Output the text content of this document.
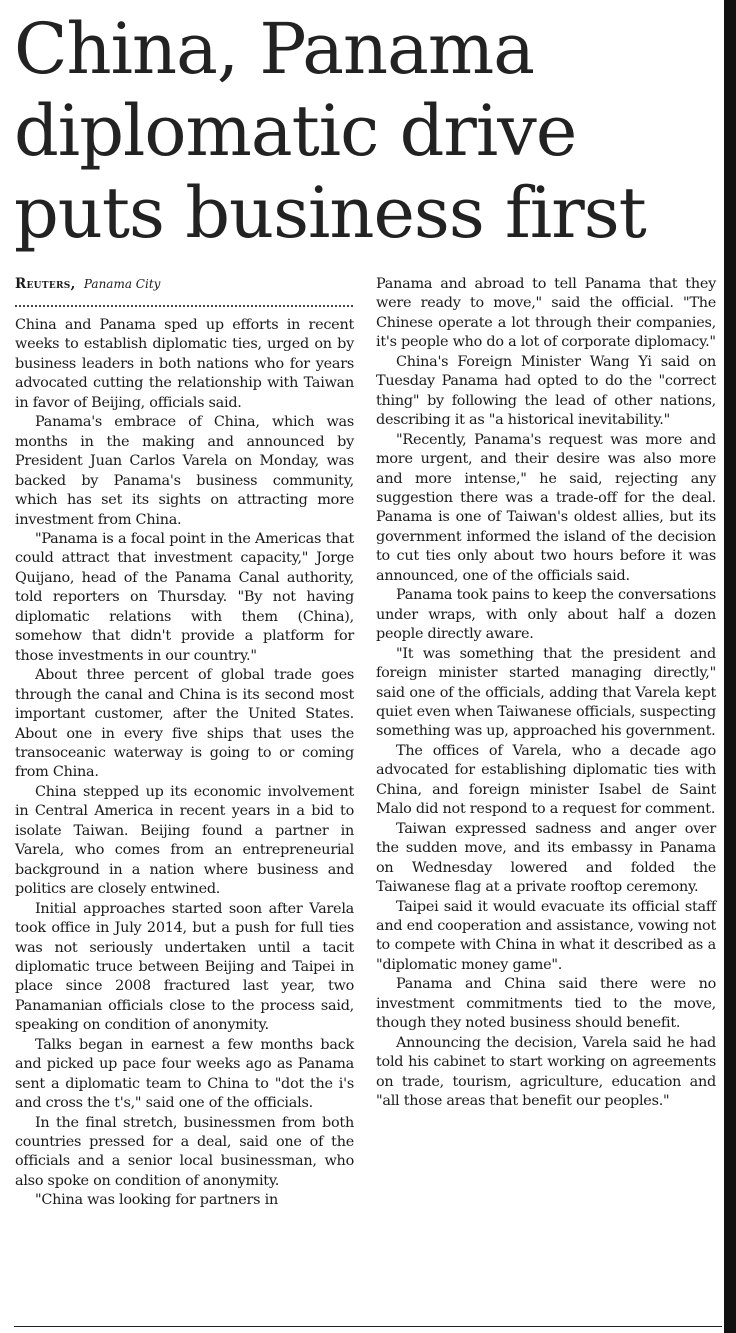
China, Panama diplomatic drive puts business first
Reuters, Panama City

China and Panama sped up efforts in recent weeks to establish diplomatic ties, urged on by business leaders in both nations who for years advocated cutting the relationship with Taiwan in favor of Beijing, officials said.

Panama's embrace of China, which was months in the making and announced by President Juan Carlos Varela on Monday, was backed by Panama's business community, which has set its sights on attracting more investment from China.

"Panama is a focal point in the Americas that could attract that investment capacity," Jorge Quijano, head of the Panama Canal authority, told reporters on Thursday. "By not having diplomatic relations with them (China), somehow that didn't provide a platform for those investments in our country."

About three percent of global trade goes through the canal and China is its second most important customer, after the United States. About one in every five ships that uses the transoceanic waterway is going to or coming from China.

China stepped up its economic involvement in Central America in recent years in a bid to isolate Taiwan. Beijing found a partner in Varela, who comes from an entrepreneurial background in a nation where business and politics are closely entwined.

Initial approaches started soon after Varela took office in July 2014, but a push for full ties was not seriously undertaken until a tacit diplomatic truce between Beijing and Taipei in place since 2008 fractured last year, two Panamanian officials close to the process said, speaking on condition of anonymity.

Talks began in earnest a few months back and picked up pace four weeks ago as Panama sent a diplomatic team to China to "dot the i's and cross the t's," said one of the officials.

In the final stretch, businessmen from both countries pressed for a deal, said one of the officials and a senior local businessman, who also spoke on condition of anonymity.

"China was looking for partners in

Panama and abroad to tell Panama that they were ready to move," said the official. "The Chinese operate a lot through their companies, it's people who do a lot of corporate diplomacy."

China's Foreign Minister Wang Yi said on Tuesday Panama had opted to do the "correct thing" by following the lead of other nations, describing it as "a historical inevitability."

"Recently, Panama's request was more and more urgent, and their desire was also more and more intense," he said, rejecting any suggestion there was a trade-off for the deal. Panama is one of Taiwan's oldest allies, but its government informed the island of the decision to cut ties only about two hours before it was announced, one of the officials said.

Panama took pains to keep the conversations under wraps, with only about half a dozen people directly aware.

"It was something that the president and foreign minister started managing directly," said one of the officials, adding that Varela kept quiet even when Taiwanese officials, suspecting something was up, approached his government.

The offices of Varela, who a decade ago advocated for establishing diplomatic ties with China, and foreign minister Isabel de Saint Malo did not respond to a request for comment.

Taiwan expressed sadness and anger over the sudden move, and its embassy in Panama on Wednesday lowered and folded the Taiwanese flag at a private rooftop ceremony.

Taipei said it would evacuate its official staff and end cooperation and assistance, vowing not to compete with China in what it described as a "diplomatic money game".

Panama and China said there were no investment commitments tied to the move, though they noted business should benefit.

Announcing the decision, Varela said he had told his cabinet to start working on agreements on trade, tourism, agriculture, education and "all those areas that benefit our peoples."
